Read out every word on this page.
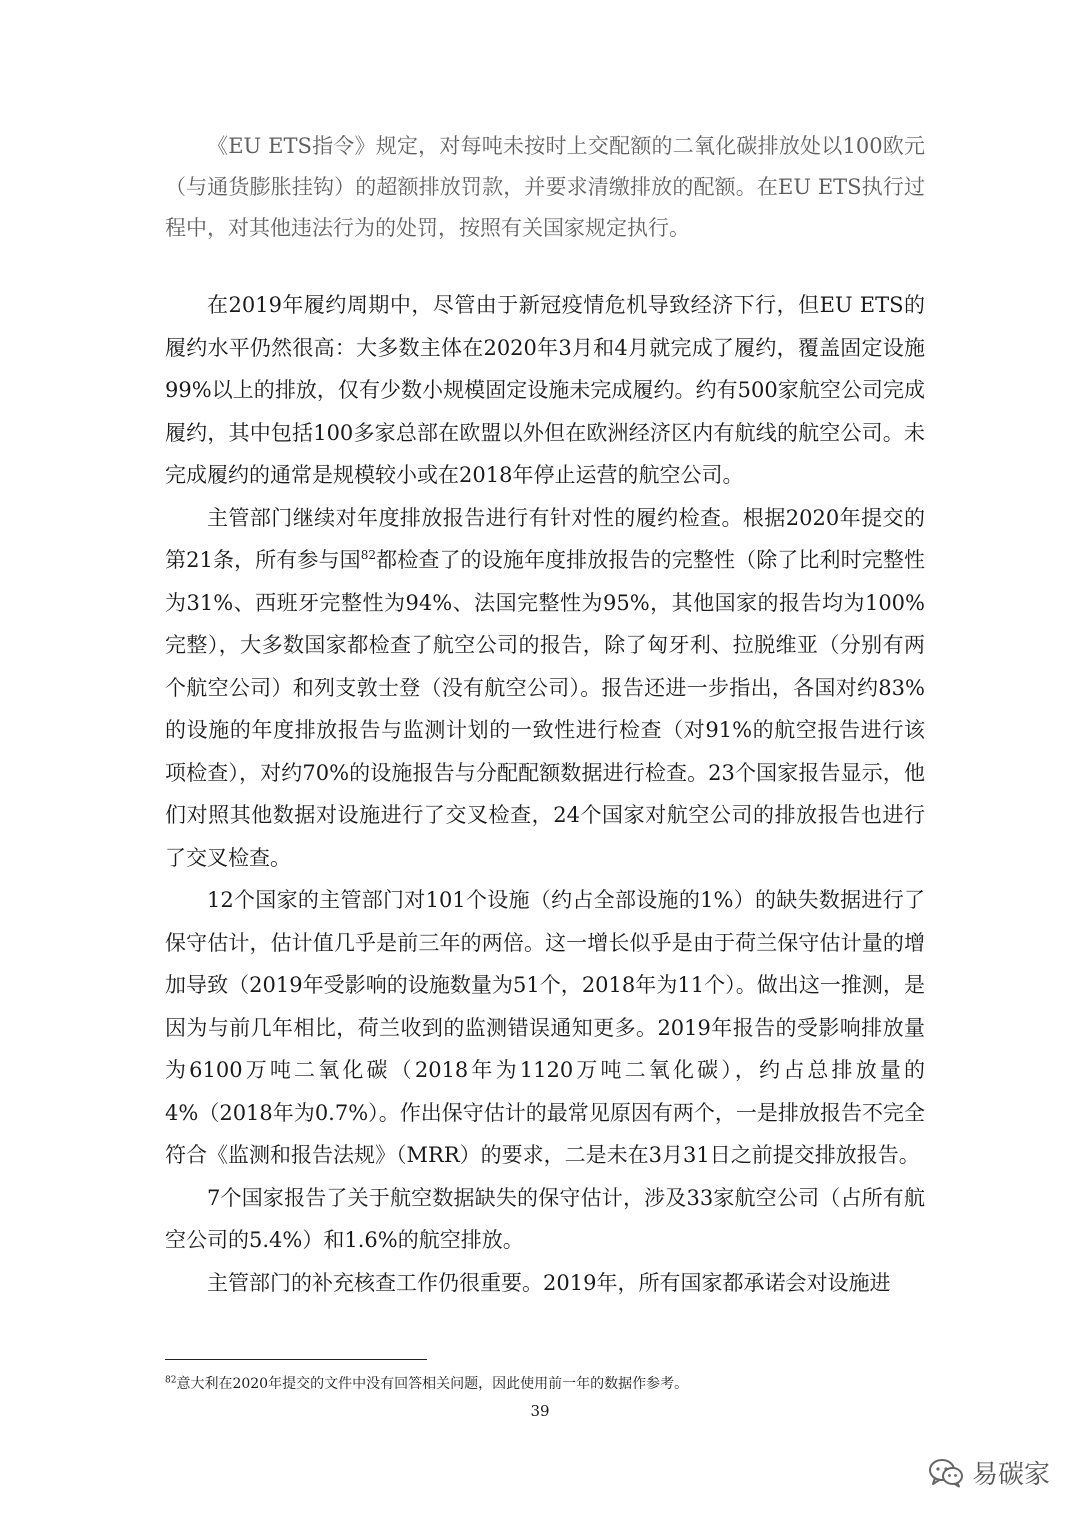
《EU ETS指令》规定，对每吨未按时上交配额的二氧化碳排放处以100欧元（与通货膨胀挂钩）的超额排放罚款，并要求清缴排放的配额。在EU ETS执行过程中，对其他违法行为的处罚，按照有关国家规定执行。

在2019年履约周期中，尽管由于新冠疫情危机导致经济下行，但EU ETS的履约水平仍然很高：大多数主体在2020年3月和4月就完成了履约，覆盖固定设施99%以上的排放，仅有少数小规模固定设施未完成履约。约有500家航空公司完成履约，其中包括100多家总部在欧盟以外但在欧洲经济区内有航线的航空公司。未完成履约的通常是规模较小或在2018年停止运营的航空公司。

主管部门继续对年度排放报告进行有针对性的履约检查。根据2020年提交的第21条，所有参与国$^{82}$都检查了的设施年度排放报告的完整性（除了比利时完整性为31%、西班牙完整性为94%、法国完整性为95%，其他国家的报告均为100%完整），大多数国家都检查了航空公司的报告，除了匈牙利、拉脱维亚（分别有两个航空公司）和列支敦士登（没有航空公司）。报告还进一步指出，各国对约83%的设施的年度排放报告与监测计划的一致性进行检查（对91%的航空报告进行该项检查），对约70%的设施报告与分配配额数据进行检查。23个国家报告显示，他们对照其他数据对设施进行了交叉检查，24个国家对航空公司的排放报告也进行了交叉检查。

12个国家的主管部门对101个设施（约占全部设施的1%）的缺失数据进行了保守估计，估计值几乎是前三年的两倍。这一增长似乎是由于荷兰保守估计量的增加导致（2019年受影响的设施数量为51个，2018年为11个）。做出这一推测，是因为与前几年相比，荷兰收到的监测错误通知更多。2019年报告的受影响排放量为6100万吨二氧化碳（2018年为1120万吨二氧化碳），约占总排放量的4%（2018年为0.7%）。作出保守估计的最常见原因有两个，一是排放报告不完全符合《监测和报告法规》（MRR）的要求，二是未在3月31日之前提交排放报告。

7个国家报告了关于航空数据缺失的保守估计，涉及33家航空公司（占所有航空公司的5.4%）和1.6%的航空排放。

主管部门的补充核查工作仍很重要。2019年，所有国家都承诺会对设施进

$^{82}$意大利在2020年提交的文件中没有回答相关问题，因此使用前一年的数据作参考。

39
易碳家
